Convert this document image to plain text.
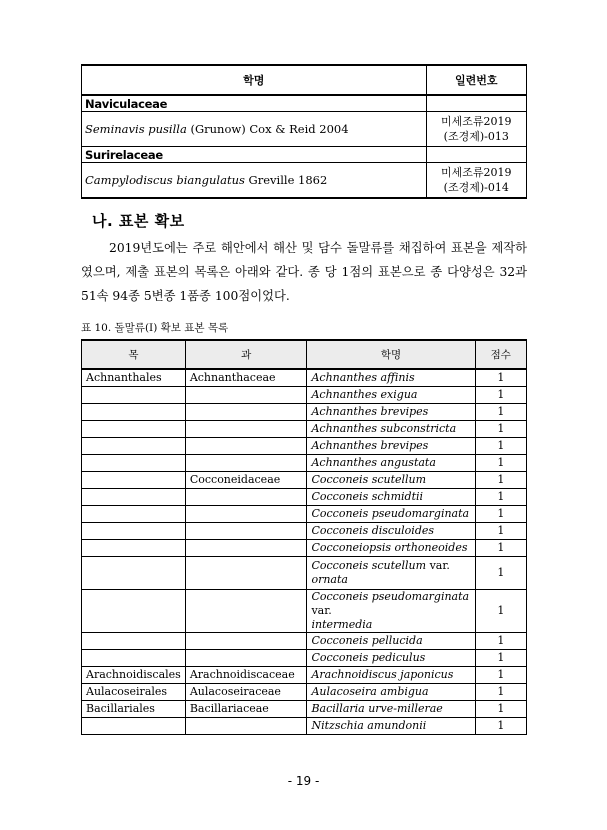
학명	일련번호
Naviculaceae	
Seminavis pusilla (Grunow) Cox & Reid 2004	미세조류2019
(조경제)-013

Surirelaceae	
Campylodiscus biangulatus Greville 1862	미세조류2019
(조경제)-014
나. 표본 확보
2019년도에는 주로 해안에서 해산 및 담수 돌말류를 채집하여 표본을 제작하였으며, 제출 표본의 목록은 아래와 같다. 종 당 1점의 표본으로 종 다양성은 32과 51속 94종 5변종 1품종 100점이었다.
표 10. 돌말류(Ⅰ) 확보 표본 목록
목	과	학명	점수
Achnanthales	Achnanthaceae	Achnanthes affinis	1
		Achnanthes exigua	1
		Achnanthes brevipes	1
		Achnanthes subconstricta	1
		Achnanthes brevipes	1
		Achnanthes angustata	1
	Cocconeidaceae	Cocconeis scutellum	1
		Cocconeis schmidtii	1
		Cocconeis pseudomarginata	1
		Cocconeis disculoides	1
		Cocconeiopsis orthoneoides	1
		Cocconeis scutellum var.
ornata	1
		Cocconeis pseudomarginata var.
intermedia	1
		Cocconeis pellucida	1
		Cocconeis pediculus	1
Arachnoidiscales	Arachnoidiscaceae	Arachnoidiscus japonicus	1
Aulacoseirales	Aulacoseiraceae	Aulacoseira ambigua	1
Bacillariales	Bacillariaceae	Bacillaria urve-millerae	1
		Nitzschia amundonii	1
- 19 -
